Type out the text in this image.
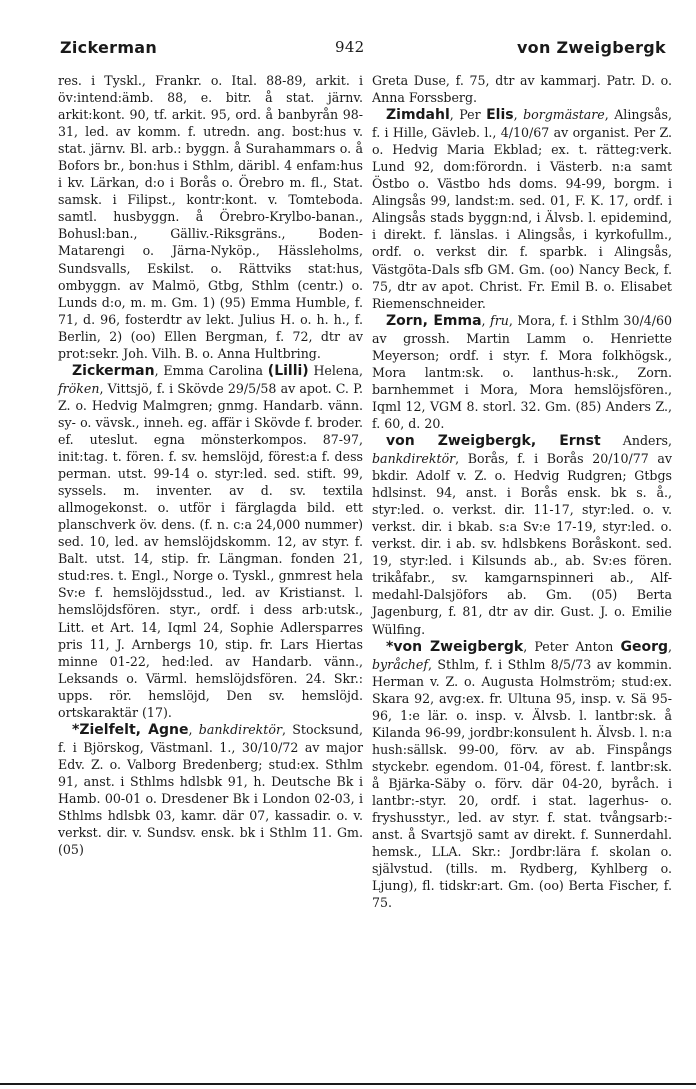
Zickerman	942	von Zweigbergk

res. i Tyskl., Frankr. o. Ital. 88-89, arkit. i öv:intend:ämb. 88, e. bitr. å stat. järnv. arkit:kont. 90, tf. arkit. 95, ord. å banbyrån 98-31, led. av komm. f. utredn. ang. bost:hus v. stat. järnv. Bl. arb.: byggn. å Surahammars o. å Bofors br., bon:hus i Sthlm, däribl. 4 enfam:hus i kv. Lärkan, d:o i Borås o. Örebro m. fl., Stat. samsk. i Filipst., kontr:kont. v. Tomteboda. samtl. husbyggn. å Örebro-Krylbo-banan., Bohusl:ban., Gälliv.-Riksgräns., Boden-Matarengi o. Järna-Nyköp., Hässleholms, Sundsvalls, Eskilst. o. Rättviks stat:hus, ombyggn. av Malmö, Gtbg, Sthlm (centr.) o. Lunds d:o, m. m. Gm. 1) (95) Emma Humble, f. 71, d. 96, fosterdtr av lekt. Julius H. o. h. h., f. Berlin, 2) (oo) Ellen Bergman, f. 72, dtr av prot:sekr. Joh. Vilh. B. o. Anna Hultbring.

Zickerman, Emma Carolina (Lilli) Helena, fröken, Vittsjö, f. i Skövde 29/5/58 av apot. C. P. Z. o. Hedvig Malmgren; gnmg. Handarb. vänn. sy- o. vävsk., inneh. eg. affär i Skövde f. broder. ef. uteslut. egna mönsterkompos. 87-97, init:tag. t. fören. f. sv. hemslöjd, förest:a f. dess perman. utst. 99-14 o. styr:led. sed. stift. 99, syssels. m. inventer. av d. sv. textila allmogekonst. o. utför i färglagda bild. ett planschverk öv. dens. (f. n. c:a 24,000 nummer) sed. 10, led. av hemslöjdskomm. 12, av styr. f. Balt. utst. 14, stip. fr. Längman. fonden 21, stud:res. t. Engl., Norge o. Tyskl., gnmrest hela Sv:e f. hemslöjdsstud., led. av Kristianst. l. hemslöjdsfören. styr., ordf. i dess arb:utsk., Litt. et Art. 14, Iqml 24, Sophie Adlersparres pris 11, J. Arnbergs 10, stip. fr. Lars Hiertas minne 01-22, hed:led. av Handarb. vänn., Leksands o. Värml. hemslöjdsfören. 24. Skr.: upps. rör. hemslöjd, Den sv. hemslöjd. ortskaraktär (17).

*Zielfelt, Agne, bankdirektör, Stocksund, f. i Björskog, Västmanl. 1., 30/10/72 av major Edv. Z. o. Valborg Bredenberg; stud:ex. Sthlm 91, anst. i Sthlms hdlsbk 91, h. Deutsche Bk i Hamb. 00-01 o. Dresdener Bk i London 02-03, i Sthlms hdlsbk 03, kamr. där 07, kassadir. o. v. verkst. dir. v. Sundsv. ensk. bk i Sthlm 11. Gm. (05)

Greta Duse, f. 75, dtr av kammarj. Patr. D. o. Anna Forssberg.

Zimdahl, Per Elis, borgmästare, Alingsås, f. i Hille, Gävleb. l., 4/10/67 av organist. Per Z. o. Hedvig Maria Ekblad; ex. t. rätteg:verk. Lund 92, dom:förordn. i Västerb. n:a samt Östbo o. Västbo hds doms. 94-99, borgm. i Alingsås 99, landst:m. sed. 01, F. K. 17, ordf. i Alingsås stads byggn:nd, i Älvsb. l. epidemind, i direkt. f. länslas. i Alingsås, i kyrkofullm., ordf. o. verkst dir. f. sparbk. i Alingsås, Västgöta-Dals sfb GM. Gm. (oo) Nancy Beck, f. 75, dtr av apot. Christ. Fr. Emil B. o. Elisabet Riemenschneider.

Zorn, Emma, fru, Mora, f. i Sthlm 30/4/60 av grossh. Martin Lamm o. Henriette Meyerson; ordf. i styr. f. Mora folkhögsk., Mora lantm:sk. o. lanthus-h:sk., Zorn. barnhemmet i Mora, Mora hemslöjsfören., Iqml 12, VGM 8. storl. 32. Gm. (85) Anders Z., f. 60, d. 20.

von Zweigbergk, Ernst Anders, bankdirektör, Borås, f. i Borås 20/10/77 av bkdir. Adolf v. Z. o. Hedvig Rudgren; Gtbgs hdlsinst. 94, anst. i Borås ensk. bk s. å., styr:led. o. verkst. dir. 11-17, styr:led. o. v. verkst. dir. i bkab. s:a Sv:e 17-19, styr:led. o. verkst. dir. i ab. sv. hdlsbkens Boråskont. sed. 19, styr:led. i Kilsunds ab., ab. Sv:es fören. trikåfabr., sv. kamgarnspinneri ab., Alf-medahl-Dalsjöfors ab. Gm. (05) Berta Jagenburg, f. 81, dtr av dir. Gust. J. o. Emilie Wülfing.

*von Zweigbergk, Peter Anton Georg, byråchef, Sthlm, f. i Sthlm 8/5/73 av kommin. Herman v. Z. o. Augusta Holmström; stud:ex. Skara 92, avg:ex. fr. Ultuna 95, insp. v. Sä 95-96, 1:e lär. o. insp. v. Älvsb. l. lantbr:sk. å Kilanda 96-99, jordbr:konsulent h. Älvsb. l. n:a hush:sällsk. 99-00, förv. av ab. Finspångs styckebr. egendom. 01-04, förest. f. lantbr:sk. å Bjärka-Säby o. förv. där 04-20, byråch. i lantbr:-styr. 20, ordf. i stat. lagerhus- o. fryshusstyr., led. av styr. f. stat. tvångsarb:-anst. å Svartsjö samt av direkt. f. Sunnerdahl. hemsk., LLA. Skr.: Jordbr:lära f. skolan o. självstud. (tills. m. Rydberg, Kyhlberg o. Ljung), fl. tidskr:art. Gm. (oo) Berta Fischer, f. 75.
